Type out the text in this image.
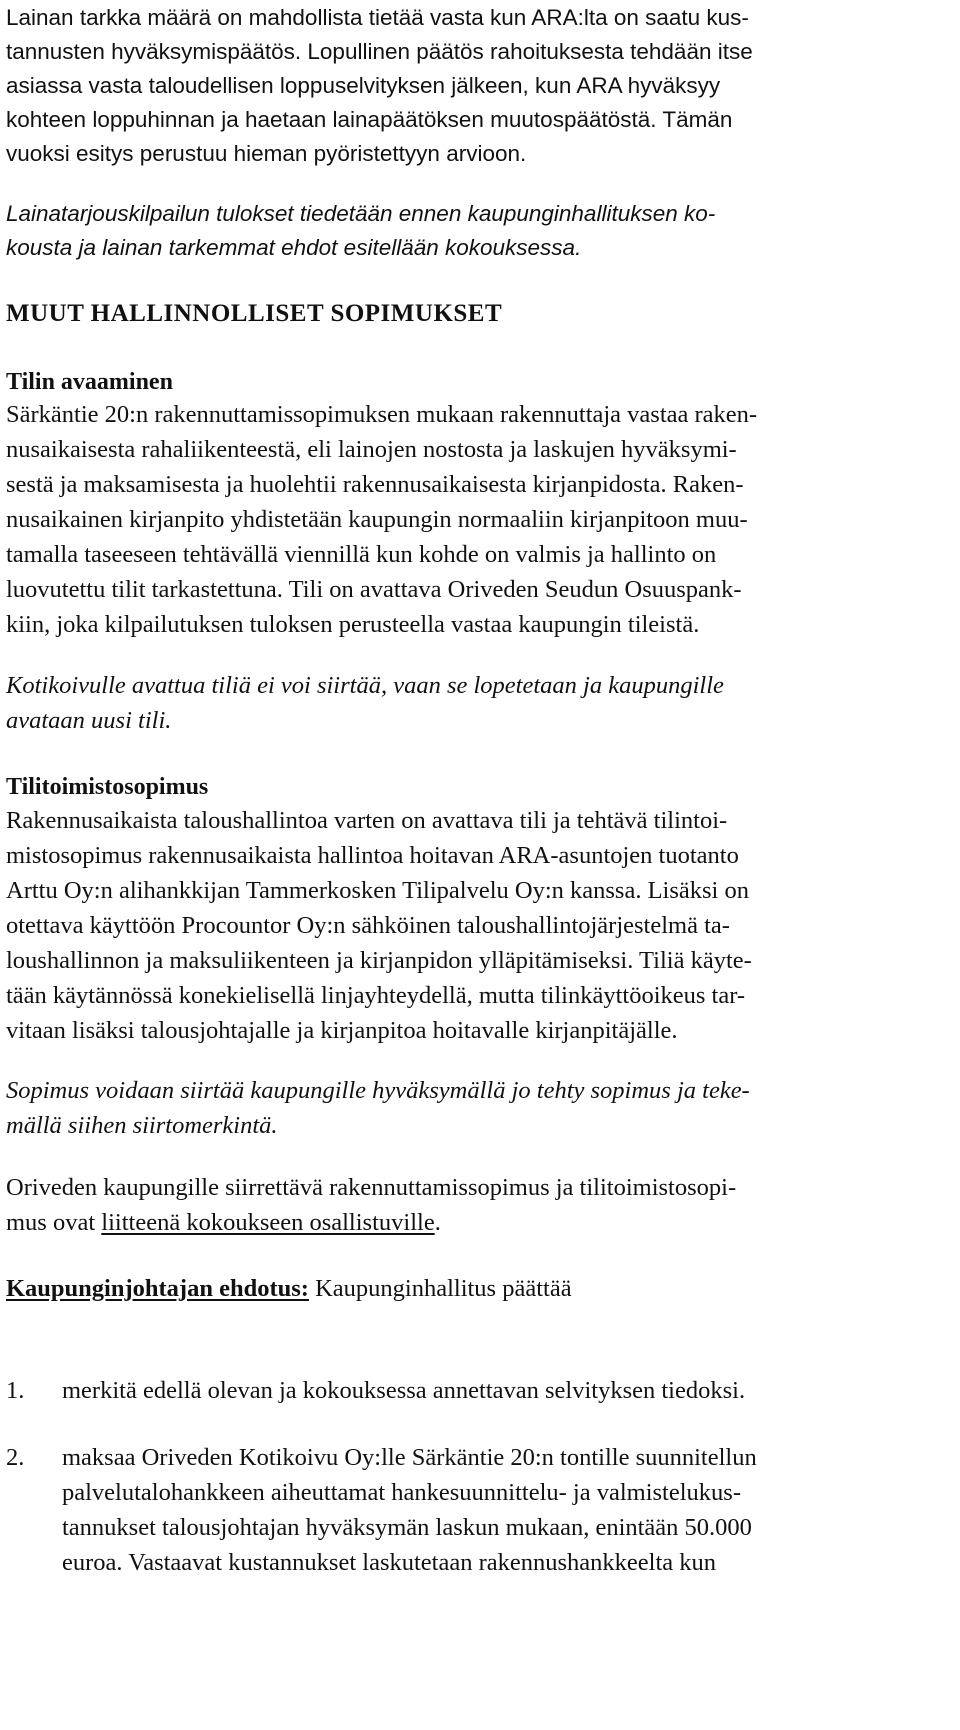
Lainan tarkka määrä on mahdollista tietää vasta kun ARA:lta on saatu kus-
tannusten hyväksymispäätös. Lopullinen päätös rahoituksesta tehdään itse
asiassa vasta taloudellisen loppuselvityksen jälkeen, kun ARA hyväksyy
kohteen loppuhinnan ja haetaan lainapäätöksen muutospäätöstä. Tämän
vuoksi esitys perustuu hieman pyöristettyyn arvioon.
Lainatarjouskilpailun tulokset tiedetään ennen kaupunginhallituksen ko-
kousta ja lainan tarkemmat ehdot esitellään kokouksessa.
MUUT HALLINNOLLISET SOPIMUKSET
Tilin avaaminen
Särkäntie 20:n rakennuttamissopimuksen mukaan rakennuttaja vastaa raken-
nusaikaisesta rahaliikenteestä, eli lainojen nostosta ja laskujen hyväksymi-
sestä ja maksamisesta ja huolehtii rakennusaikaisesta kirjanpidosta. Raken-
nusaikainen kirjanpito yhdistetään kaupungin normaaliin kirjanpitoon muu-
tamalla taseeseen tehtävällä viennillä kun kohde on valmis ja hallinto on
luovutettu tilit tarkastettuna. Tili on avattava Oriveden Seudun Osuuspank-
kiin, joka kilpailutuksen tuloksen perusteella vastaa kaupungin tileistä.
Kotikoivulle avattua tiliä ei voi siirtää, vaan se lopetetaan ja kaupungille
avataan uusi tili.
Tilitoimistosopimus
Rakennusaikaista taloushallintoa varten on avattava tili ja tehtävä tilintoi-
mistosopimus rakennusaikaista hallintoa hoitavan ARA-asuntojen tuotanto
Arttu Oy:n alihankkijan Tammerkosken Tilipalvelu Oy:n kanssa. Lisäksi on
otettava käyttöön Procountor Oy:n sähköinen taloushallintojärjestelmä ta-
loushallinnon ja maksuliikenteen ja kirjanpidon ylläpitämiseksi. Tiliä käyte-
tään käytännössä konekielisellä linjayhteydellä, mutta tilinkäyttöoikeus tar-
vitaan lisäksi talousjohtajalle ja kirjanpitoa hoitavalle kirjanpitäjälle.
Sopimus voidaan siirtää kaupungille hyväksymällä jo tehty sopimus ja teke-
mällä siihen siirtomerkintä.
Oriveden kaupungille siirrettävä rakennuttamissopimus ja tilitoimistosopi-
mus ovat liitteenä kokoukseen osallistuville.
Kaupunginjohtajan ehdotus: Kaupunginhallitus päättää
1. merkitä edellä olevan ja kokouksessa annettavan selvityksen tiedoksi.
2. maksaa Oriveden Kotikoivu Oy:lle Särkäntie 20:n tontille suunnitellun
palvelutalohankkeen aiheuttamat hankesuunnittelu- ja valmistelukus-
tannukset talousjohtajan hyväksymän laskun mukaan, enintään 50.000
euroa. Vastaavat kustannukset laskutetaan rakennushankkeelta kun
